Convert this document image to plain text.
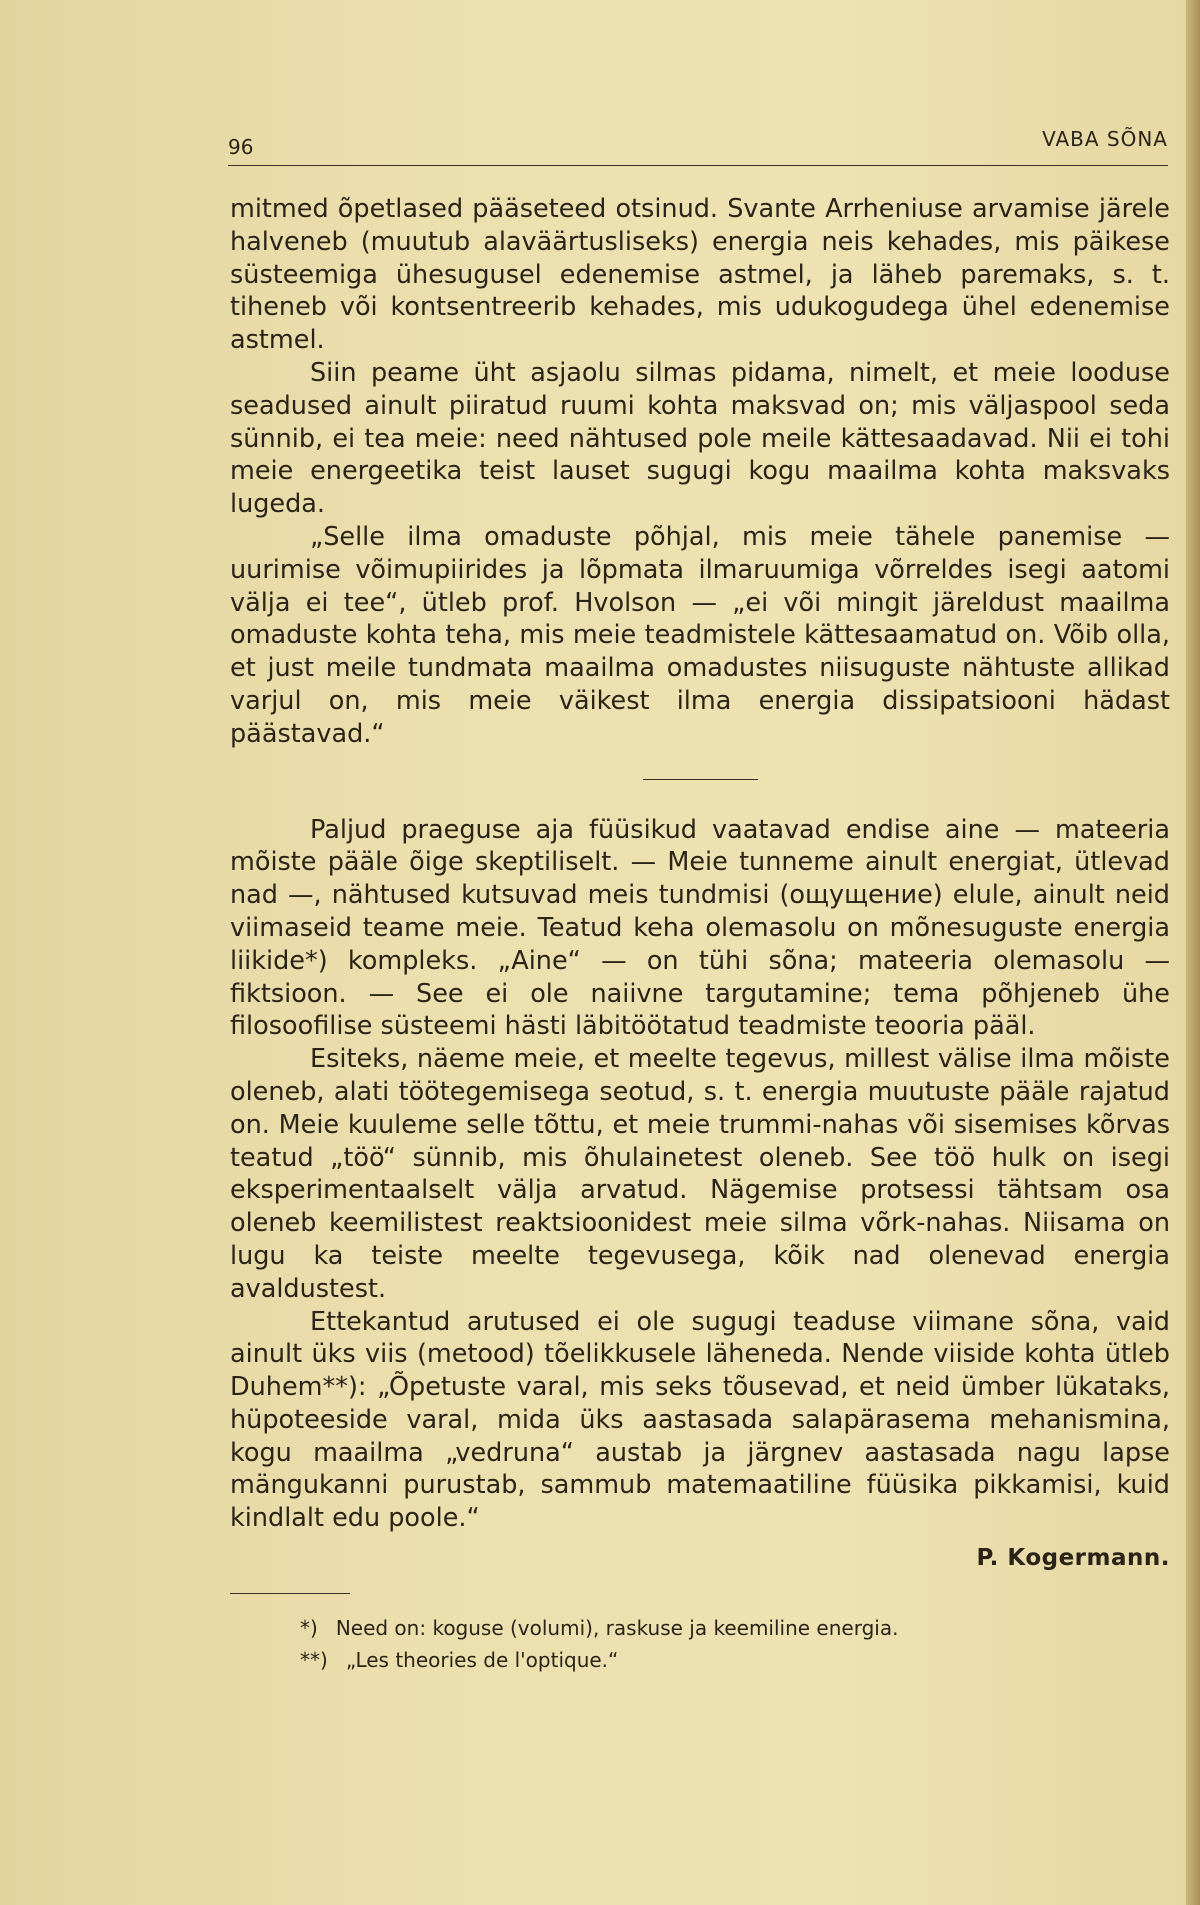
96	VABA SÕNA

mitmed õpetlased pääseteed otsinud. Svante Arrheniuse arvamise järele halveneb (muutub alaväärtusliseks) energia neis kehades, mis päikese süsteemiga ühesugusel edenemise astmel, ja läheb paremaks, s. t. tiheneb või kontsentreerib kehades, mis udukogudega ühel edenemise astmel.

Siin peame üht asjaolu silmas pidama, nimelt, et meie looduse seadused ainult piiratud ruumi kohta maksvad on; mis väljaspool seda sünnib, ei tea meie: need nähtused pole meile kättesaadavad. Nii ei tohi meie energeetika teist lauset sugugi kogu maailma kohta maksvaks lugeda.

„Selle ilma omaduste põhjal, mis meie tähele panemise — uurimise võimupiirides ja lõpmata ilmaruumiga võrreldes isegi aatomi välja ei tee“, ütleb prof. Hvolson — „ei või mingit järeldust maailma omaduste kohta teha, mis meie teadmistele kättesaamatud on. Võib olla, et just meile tundmata maailma omadustes niisuguste nähtuste allikad varjul on, mis meie väikest ilma energia dissipatsiooni hädast päästavad.“

Paljud praeguse aja füüsikud vaatavad endise aine — mateeria mõiste pääle õige skeptiliselt. — Meie tunneme ainult energiat, ütlevad nad —, nähtused kutsuvad meis tundmisi (ощущение) elule, ainult neid viimaseid teame meie. Teatud keha olemasolu on mõnesuguste energia liikide*) kompleks. „Aine“ — on tühi sõna; mateeria olemasolu — fiktsioon. — See ei ole naiivne targutamine; tema põhjeneb ühe filosoofilise süsteemi hästi läbitöötatud teadmiste teooria pääl.

Esiteks, näeme meie, et meelte tegevus, millest välise ilma mõiste oleneb, alati töötegemisega seotud, s. t. energia muutuste pääle rajatud on. Meie kuuleme selle tõttu, et meie trummi-nahas või sisemises kõrvas teatud „töö“ sünnib, mis õhulainetest oleneb. See töö hulk on isegi eksperimentaalselt välja arvatud. Nägemise protsessi tähtsam osa oleneb keemilistest reaktsioonidest meie silma võrk-nahas. Niisama on lugu ka teiste meelte tegevusega, kõik nad olenevad energia avaldustest.

Ettekantud arutused ei ole sugugi teaduse viimane sõna, vaid ainult üks viis (metood) tõelikkusele läheneda. Nende viiside kohta ütleb Duhem**): „Õpetuste varal, mis seks tõusevad, et neid ümber lükataks, hüpoteeside varal, mida üks aastasada salapärasema mehanismina, kogu maailma „vedruna“ austab ja järgnev aastasada nagu lapse mängukanni purustab, sammub matemaatiline füüsika pikkamisi, kuid kindlalt edu poole.“

P. Kogermann.
*) Need on: koguse (volumi), raskuse ja keemiline energia.
**) „Les theories de l'optique.“
